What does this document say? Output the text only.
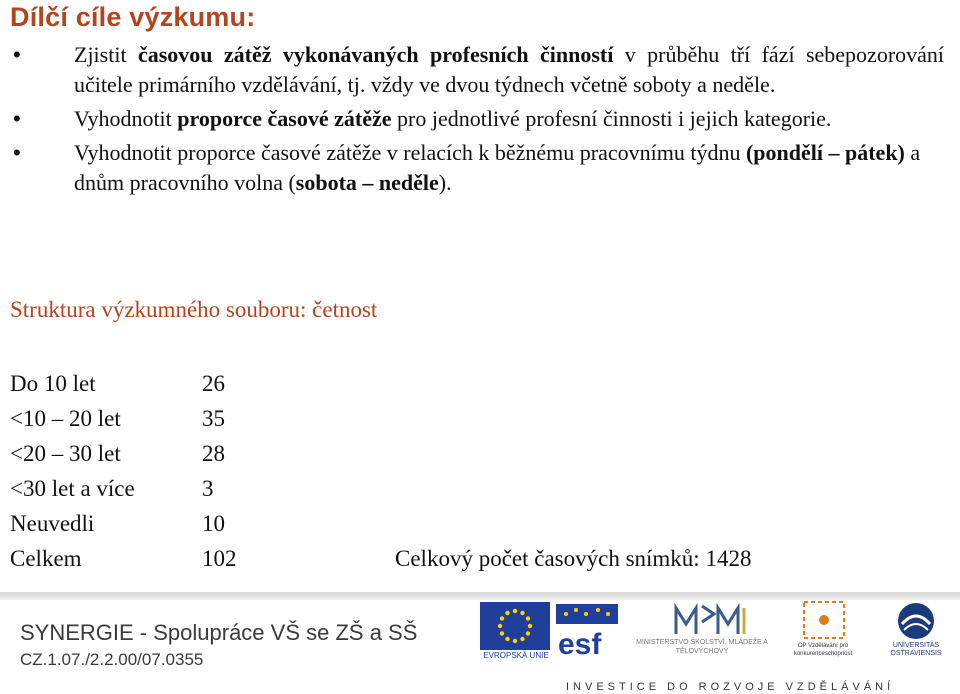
Dílčí cíle výzkumu:
• Zjistit časovou zátěž vykonávaných profesních činností v průběhu tří fází sebepozorování učitele primárního vzdělávání, tj. vždy ve dvou týdnech včetně soboty a neděle.
• Vyhodnotit proporce časové zátěže pro jednotlivé profesní činnosti i jejich kategorie.
• Vyhodnotit proporce časové zátěže v relacích k běžnému pracovnímu týdnu (pondělí – pátek) a dnům pracovního volna (sobota – neděle).
Struktura výzkumného souboru: četnost
Do 10 let	26
<10 – 20 let	35
<20 – 30 let	28
<30 let a více	3
Neuvedli	10
Celkem	102	Celkový počet časových snímků: 1428
SYNERGIE - Spolupráce VŠ se ZŠ a SŠ
CZ.1.07./2.2.00/07.0355	EVROPSKÁ UNIE esf	MINISTERSTVO ŠKOLSTVÍ, MLÁDEŽE A TĚLOVÝCHOVY
OP Vzdělávání pro konkurenceschopnost
UNIVERSITAS OSTRAVIENSIS
INVESTICE DO ROZVOJE VZDĚLÁVÁNÍ
